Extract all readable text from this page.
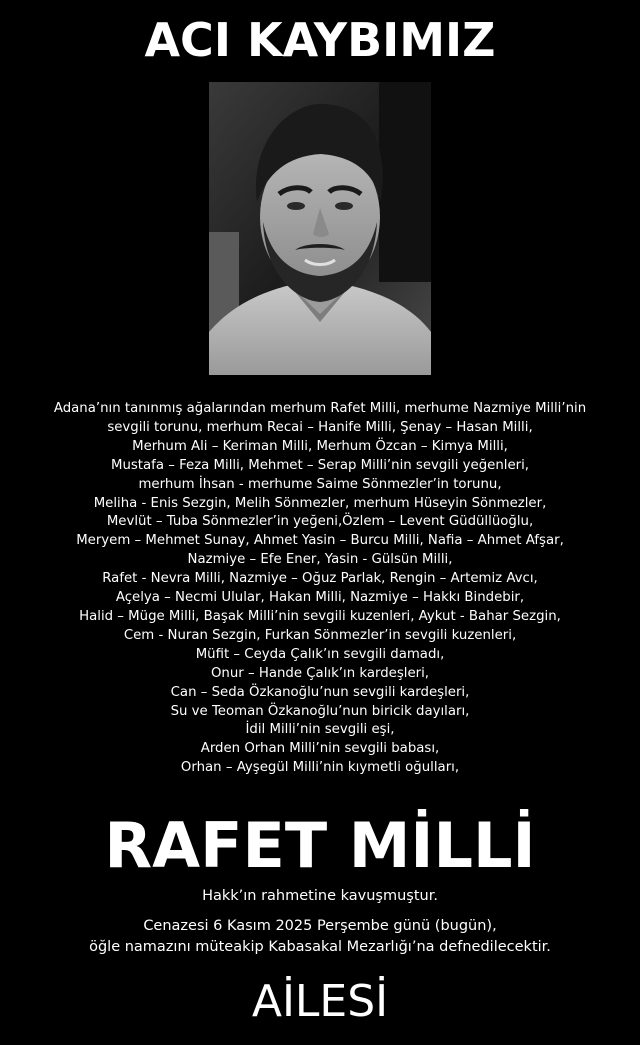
ACI KAYBIMIZ
Adana’nın tanınmış ağalarından merhum Rafet Milli, merhume Nazmiye Milli’nin
sevgili torunu, merhum Recai – Hanife Milli, Şenay – Hasan Milli,
Merhum Ali – Keriman Milli, Merhum Özcan – Kimya Milli,
Mustafa – Feza Milli, Mehmet – Serap Milli’nin sevgili yeğenleri,
merhum İhsan - merhume Saime Sönmezler’in torunu,
Meliha - Enis Sezgin, Melih Sönmezler, merhum Hüseyin Sönmezler,
Mevlüt – Tuba Sönmezler’in yeğeni,Özlem – Levent Güdüllüoğlu,
Meryem – Mehmet Sunay, Ahmet Yasin – Burcu Milli, Nafia – Ahmet Afşar,
Nazmiye – Efe Ener, Yasin - Gülsün Milli,
Rafet - Nevra Milli, Nazmiye – Oğuz Parlak, Rengin – Artemiz Avcı,
Açelya – Necmi Ulular, Hakan Milli, Nazmiye – Hakkı Bindebir,
Halid – Müge Milli, Başak Milli’nin sevgili kuzenleri, Aykut - Bahar Sezgin,
Cem - Nuran Sezgin, Furkan Sönmezler’in sevgili kuzenleri,
Müfit – Ceyda Çalık’ın sevgili damadı,
Onur – Hande Çalık’ın kardeşleri,
Can – Seda Özkanoğlu’nun sevgili kardeşleri,
Su ve Teoman Özkanoğlu’nun biricik dayıları,
İdil Milli’nin sevgili eşi,
Arden Orhan Milli’nin sevgili babası,
Orhan – Ayşegül Milli’nin kıymetli oğulları,
RAFET MİLLİ
Hakk’ın rahmetine kavuşmuştur.
Cenazesi 6 Kasım 2025 Perşembe günü (bugün),
öğle namazını müteakip Kabasakal Mezarlığı’na defnedilecektir.
AİLESİ
